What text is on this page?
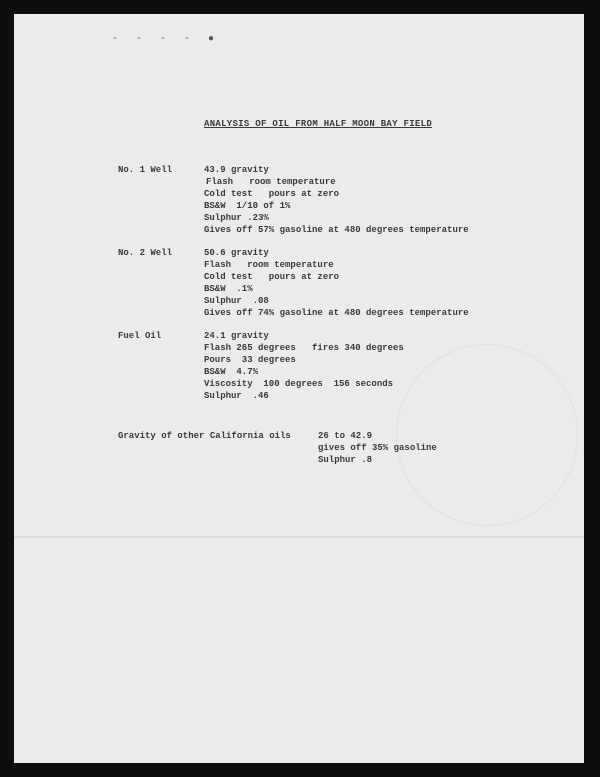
- - - - ●
ANALYSIS OF OIL FROM HALF MOON BAY FIELD
No. 1 Well	43.9 gravity
Flash   room temperature
Cold test   pours at zero
BS&W  1/10 of 1%
Sulphur .23%
Gives off 57% gasoline at 480 degrees temperature
No. 2 Well	50.6 gravity
Flash   room temperature
Cold test   pours at zero
BS&W  .1%
Sulphur  .08
Gives off 74% gasoline at 480 degrees temperature
Fuel Oil	24.1 gravity
Flash 265 degrees   fires 340 degrees
Pours  33 degrees
BS&W  4.7%
Viscosity  100 degrees  156 seconds
Sulphur  .46
Gravity of other California oils	26 to 42.9
gives off 35% gasoline
Sulphur .8
